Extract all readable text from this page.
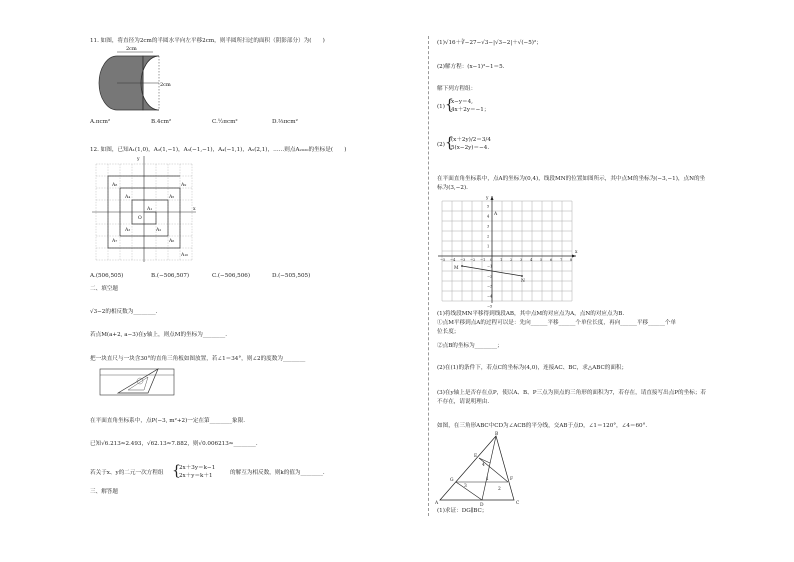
11. 如图，将直径为2cm的半圆水平向左平移2cm，则半圆所扫过的面积（阴影部分）为(　　)
2cm
2cm
A.πcm²	B.4cm²	C.½πcm²	D.⅔πcm²
12. 如图，已知A₁(1,0)，A₂(1,−1)，A₃(−1,−1)，A₄(−1,1)，A₅(2,1)，……则点A₂₀₂₀的坐标是(　　)
y
x
O
A₁
A₂
A₃
A₄	A₅
A₆
A₇
A₈	A₉
A₁₀
A.(506,505)	B.(−506,507)	C.(−506,506)	D.(−505,505)
二、填空题
√3−2的相反数为________.
若点M(a+2, a−3)在y轴上，则点M的坐标为________.
把一块直尺与一块含30°的直角三角板如图放置，若∠1＝34°，则∠2的度数为________
在平面直角坐标系中，点P(−3, m²+2)一定在第________象限.
已知√6.213≈2.493，√62.13≈7.882，则√0.006213≈________.
若关于x、y的二元一次方程组 {
2x＋3y＝k−1
2x＋y＝k＋1	的解互为相反数，则k的值为________.
三、解答题
(1)√16＋∛−27−√3−|√3−2|＋√(−5)²；
(2)解方程：(x−1)²−1＝5.
解下列方程组：
(1) {
x−y＝4,
4x＋2y＝−1；
(2) {
(x＋2y)/2＝3/4
5(x−2y)＝−4.
在平面直角坐标系中，点A的坐标为(0,4)，线段MN的位置如图所示，其中点M的坐标为(−3,−1)，点N的坐
标为(3,−2).
y
x
A
M
N
−5 −4 −3 −2 −1 0 1 2 3 4 5 6 7 8
5
4
3
2
1
−1
−2
−3
−4
−5
(1)将线段MN平移得到线段AB，其中点M的对应点为A，点N的对应点为B.
①点M平移到点A的过程可以是：先向______平移______个单位长度，再向______平移______个单
位长度；
②点B的坐标为________；
(2)在(1)的条件下，若点C的坐标为(4,0)，连接AC、BC，求△ABC的面积；
(3)在y轴上是否存在点P，使以A、B、P三点为顶点的三角形的面积为7，若存在，请直接写出点P的坐标；若
不存在，请说明理由.
如图，在三角形ABC中CD为∠ACB的平分线，交AB于点D，∠1＝120°，∠4＝60°.
A
B
C
D
E
F
G	1
2
3
4
(1)求证：DG∥BC；
